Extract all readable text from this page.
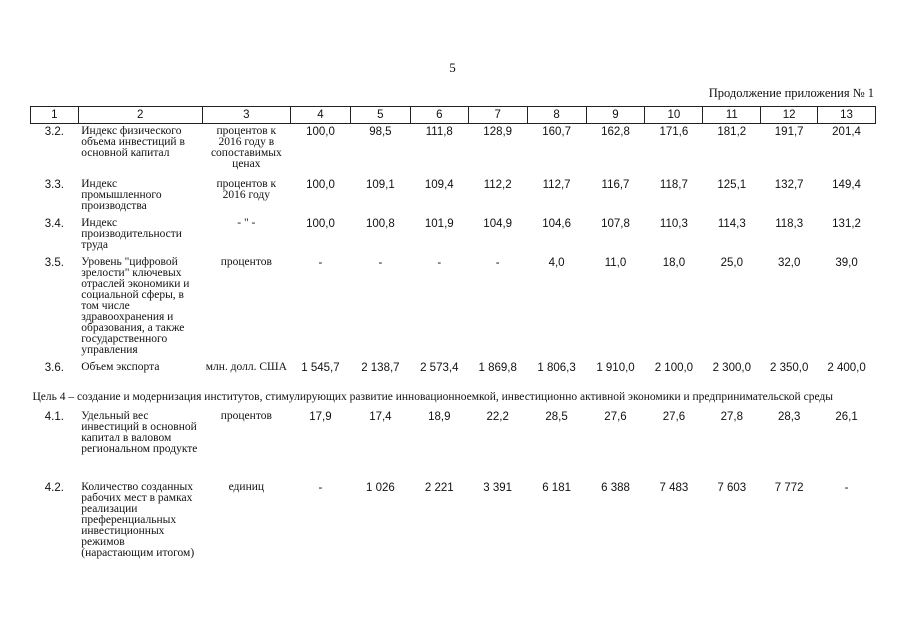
5
Продолжение приложения № 1
1	2	3	4	5	6	7	8	9	10	11	12	13
3.2.	Индекс физического объема инвестиций в основной капитал	процентов к 2016 году в сопоставимых ценах	100,0	98,5	111,8	128,9	160,7	162,8	171,6	181,2	191,7	201,4
3.3.	Индекс промышленного производства	процентов к 2016 году	100,0	109,1	109,4	112,2	112,7	116,7	118,7	125,1	132,7	149,4
3.4.	Индекс производительности труда	- " -	100,0	100,8	101,9	104,9	104,6	107,8	110,3	114,3	118,3	131,2
3.5.	Уровень "цифровой зрелости" ключевых отраслей экономики и социальной сферы, в том числе здравоохранения и образования, а также государственного управления	процентов	-	-	-	-	4,0	11,0	18,0	25,0	32,0	39,0
3.6.	Объем экспорта	млн. долл. США	1 545,7	2 138,7	2 573,4	1 869,8	1 806,3	1 910,0	2 100,0	2 300,0	2 350,0	2 400,0
Цель 4 – создание и модернизация институтов, стимулирующих развитие инновационноемкой, инвестиционно активной экономики и предпринимательской среды												
4.1.	Удельный вес инвестиций в основной капитал в валовом региональном продукте	процентов	17,9	17,4	18,9	22,2	28,5	27,6	27,6	27,8	28,3	26,1
4.2.	Количество созданных рабочих мест в рамках реализации преференциальных инвестиционных режимов (нарастающим итогом)	единиц	-	1 026	2 221	3 391	6 181	6 388	7 483	7 603	7 772	-
